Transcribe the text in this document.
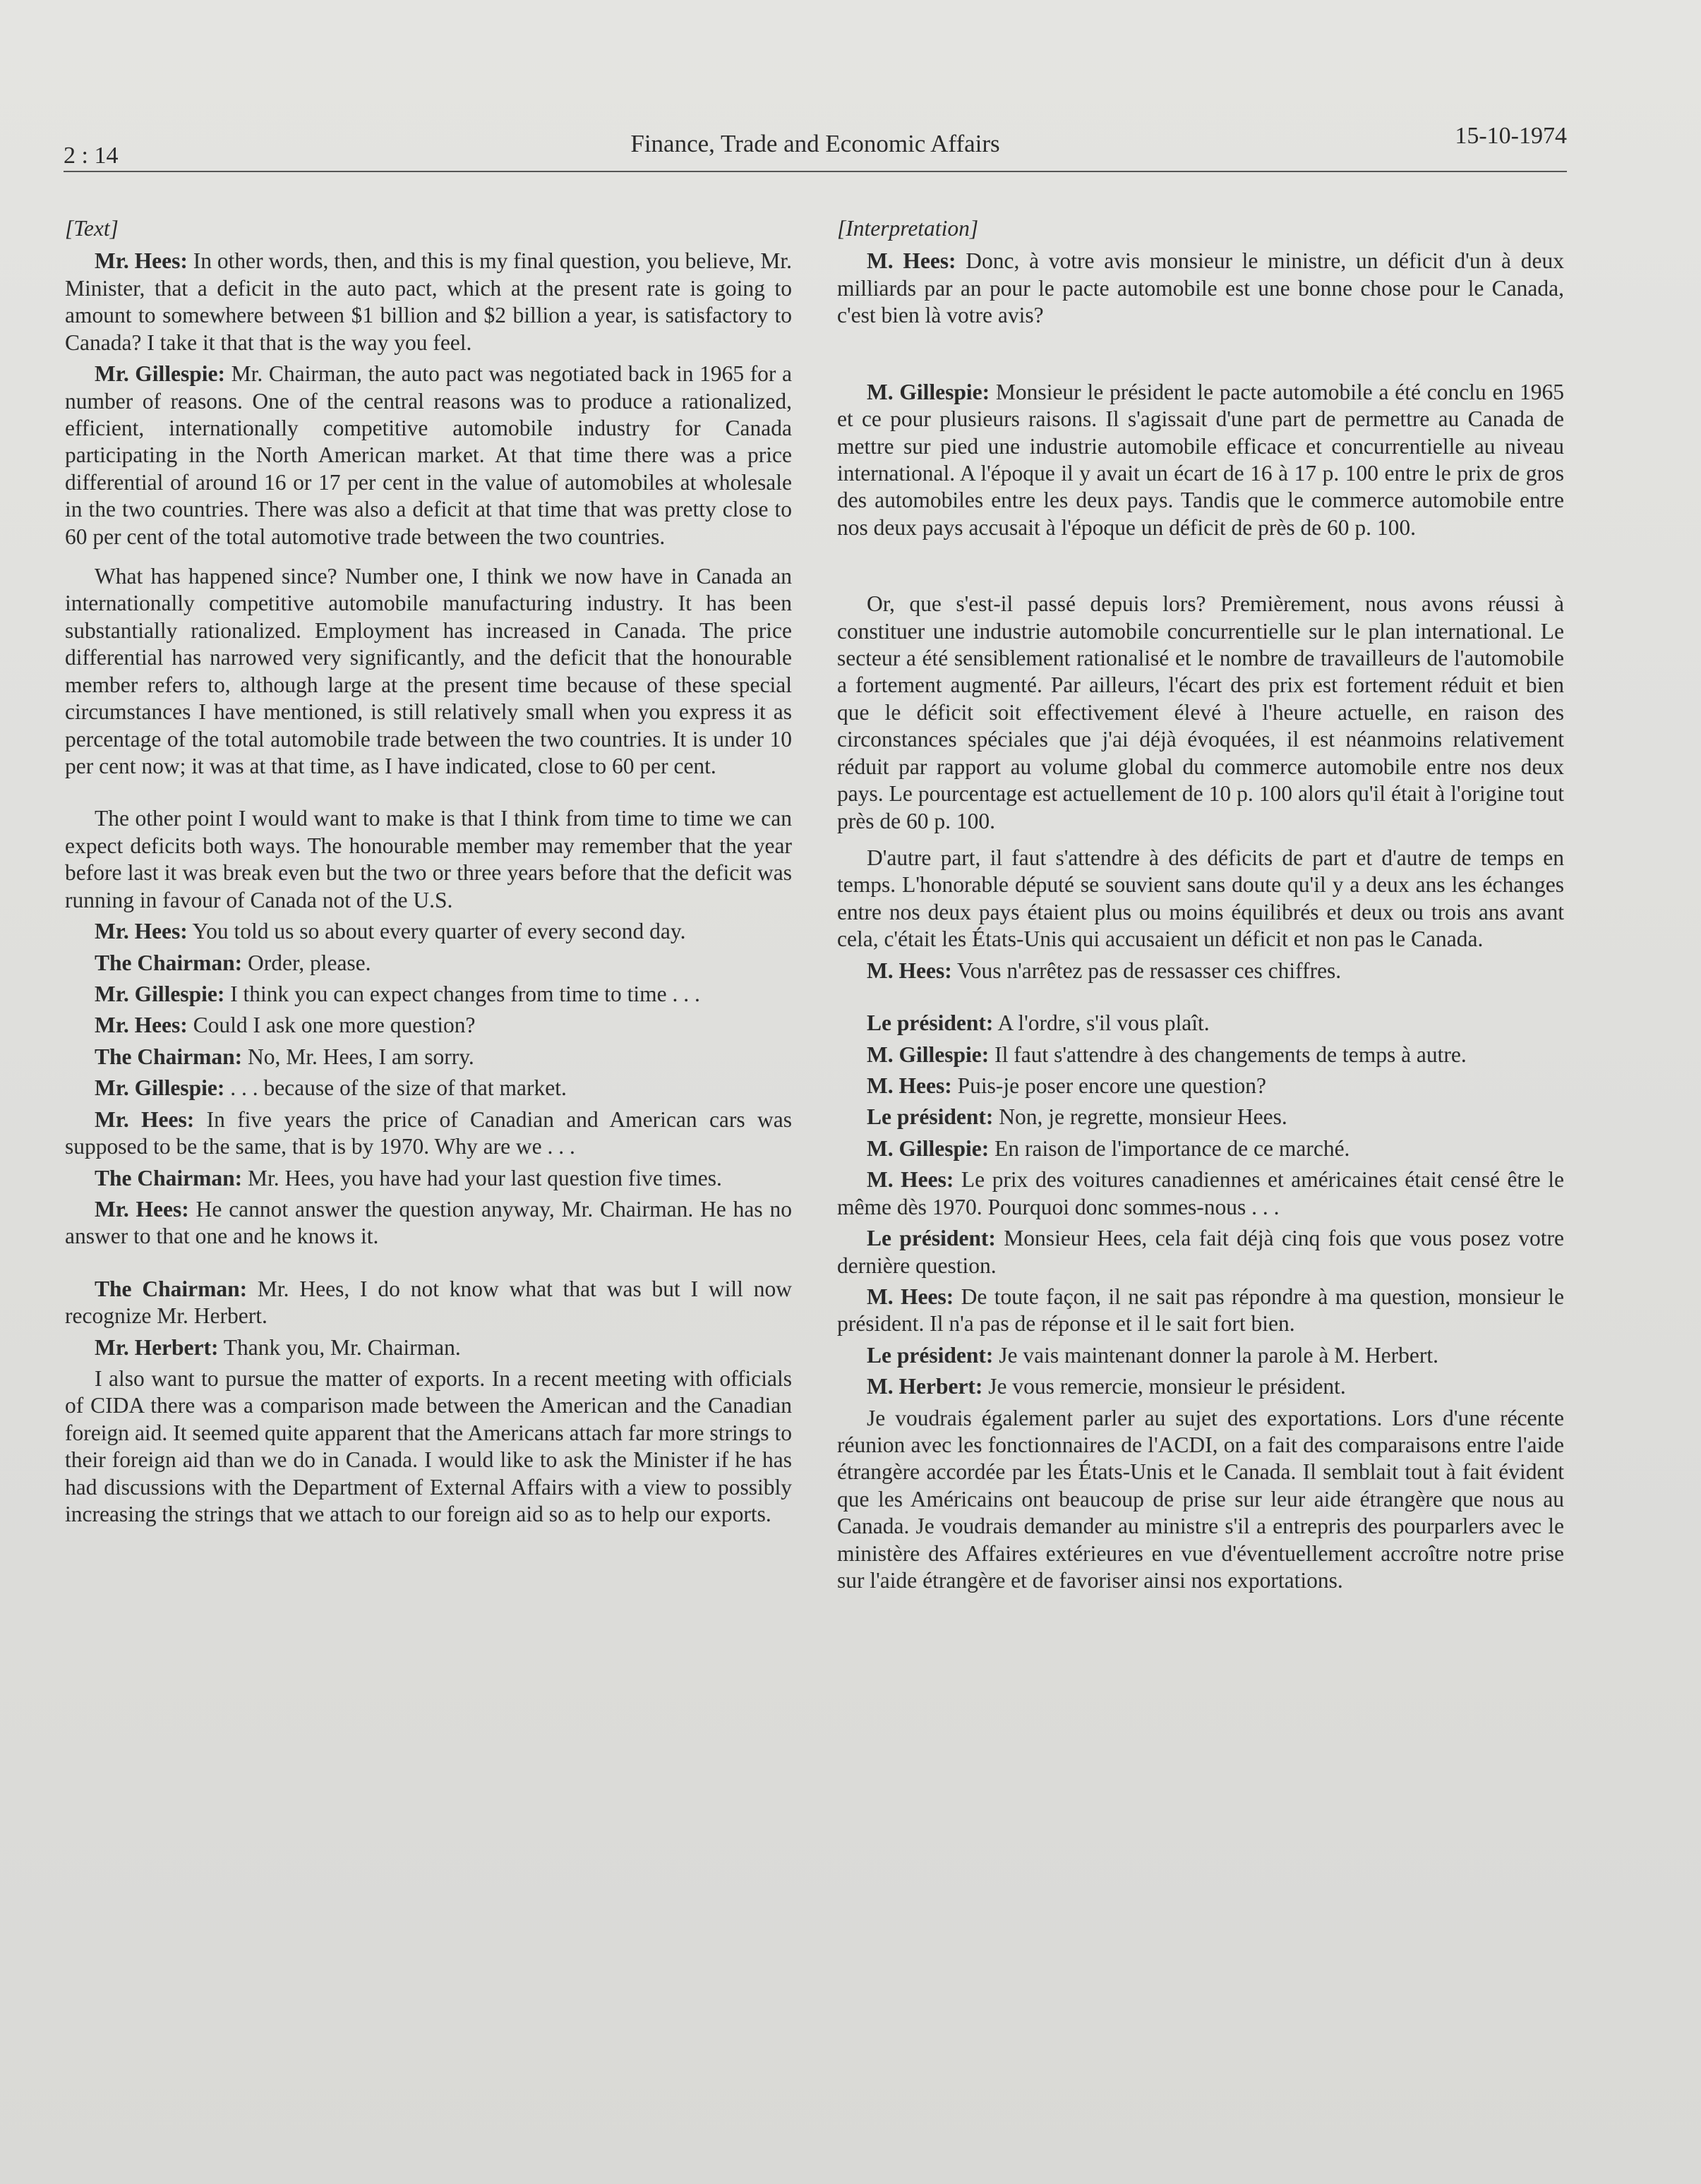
2 : 14	Finance, Trade and Economic Affairs	15-10-1974

[Text]

Mr. Hees: In other words, then, and this is my final question, you believe, Mr. Minister, that a deficit in the auto pact, which at the present rate is going to amount to somewhere between $1 billion and $2 billion a year, is satisfactory to Canada? I take it that that is the way you feel.

Mr. Gillespie: Mr. Chairman, the auto pact was negotiated back in 1965 for a number of reasons. One of the central reasons was to produce a rationalized, efficient, internationally competitive automobile industry for Canada participating in the North American market. At that time there was a price differential of around 16 or 17 per cent in the value of automobiles at wholesale in the two countries. There was also a deficit at that time that was pretty close to 60 per cent of the total automotive trade between the two countries.

What has happened since? Number one, I think we now have in Canada an internationally competitive automobile manufacturing industry. It has been substantially rationalized. Employment has increased in Canada. The price differential has narrowed very significantly, and the deficit that the honourable member refers to, although large at the present time because of these special circumstances I have mentioned, is still relatively small when you express it as percentage of the total automobile trade between the two countries. It is under 10 per cent now; it was at that time, as I have indicated, close to 60 per cent.

The other point I would want to make is that I think from time to time we can expect deficits both ways. The honourable member may remember that the year before last it was break even but the two or three years before that the deficit was running in favour of Canada not of the U.S.

Mr. Hees: You told us so about every quarter of every second day.

The Chairman: Order, please.

Mr. Gillespie: I think you can expect changes from time to time . . .

Mr. Hees: Could I ask one more question?

The Chairman: No, Mr. Hees, I am sorry.

Mr. Gillespie: . . . because of the size of that market.

Mr. Hees: In five years the price of Canadian and American cars was supposed to be the same, that is by 1970. Why are we . . .

The Chairman: Mr. Hees, you have had your last question five times.

Mr. Hees: He cannot answer the question anyway, Mr. Chairman. He has no answer to that one and he knows it.

The Chairman: Mr. Hees, I do not know what that was but I will now recognize Mr. Herbert.

Mr. Herbert: Thank you, Mr. Chairman.

I also want to pursue the matter of exports. In a recent meeting with officials of CIDA there was a comparison made between the American and the Canadian foreign aid. It seemed quite apparent that the Americans attach far more strings to their foreign aid than we do in Canada. I would like to ask the Minister if he has had discussions with the Department of External Affairs with a view to possibly increasing the strings that we attach to our foreign aid so as to help our exports.

[Interpretation]

M. Hees: Donc, à votre avis monsieur le ministre, un déficit d'un à deux milliards par an pour le pacte automobile est une bonne chose pour le Canada, c'est bien là votre avis?

M. Gillespie: Monsieur le président le pacte automobile a été conclu en 1965 et ce pour plusieurs raisons. Il s'agissait d'une part de permettre au Canada de mettre sur pied une industrie automobile efficace et concurrentielle au niveau international. A l'époque il y avait un écart de 16 à 17 p. 100 entre le prix de gros des automobiles entre les deux pays. Tandis que le commerce automobile entre nos deux pays accusait à l'époque un déficit de près de 60 p. 100.

Or, que s'est-il passé depuis lors? Premièrement, nous avons réussi à constituer une industrie automobile concurrentielle sur le plan international. Le secteur a été sensiblement rationalisé et le nombre de travailleurs de l'automobile a fortement augmenté. Par ailleurs, l'écart des prix est fortement réduit et bien que le déficit soit effectivement élevé à l'heure actuelle, en raison des circonstances spéciales que j'ai déjà évoquées, il est néanmoins relativement réduit par rapport au volume global du commerce automobile entre nos deux pays. Le pourcentage est actuellement de 10 p. 100 alors qu'il était à l'origine tout près de 60 p. 100.

D'autre part, il faut s'attendre à des déficits de part et d'autre de temps en temps. L'honorable député se souvient sans doute qu'il y a deux ans les échanges entre nos deux pays étaient plus ou moins équilibrés et deux ou trois ans avant cela, c'était les États-Unis qui accusaient un déficit et non pas le Canada.

M. Hees: Vous n'arrêtez pas de ressasser ces chiffres.

Le président: A l'ordre, s'il vous plaît.

M. Gillespie: Il faut s'attendre à des changements de temps à autre.

M. Hees: Puis-je poser encore une question?

Le président: Non, je regrette, monsieur Hees.

M. Gillespie: En raison de l'importance de ce marché.

M. Hees: Le prix des voitures canadiennes et américaines était censé être le même dès 1970. Pourquoi donc sommes-nous . . .

Le président: Monsieur Hees, cela fait déjà cinq fois que vous posez votre dernière question.

M. Hees: De toute façon, il ne sait pas répondre à ma question, monsieur le président. Il n'a pas de réponse et il le sait fort bien.

Le président: Je vais maintenant donner la parole à M. Herbert.

M. Herbert: Je vous remercie, monsieur le président.

Je voudrais également parler au sujet des exportations. Lors d'une récente réunion avec les fonctionnaires de l'ACDI, on a fait des comparaisons entre l'aide étrangère accordée par les États-Unis et le Canada. Il semblait tout à fait évident que les Américains ont beaucoup de prise sur leur aide étrangère que nous au Canada. Je voudrais demander au ministre s'il a entrepris des pourparlers avec le ministère des Affaires extérieures en vue d'éventuellement accroître notre prise sur l'aide étrangère et de favoriser ainsi nos exportations.
